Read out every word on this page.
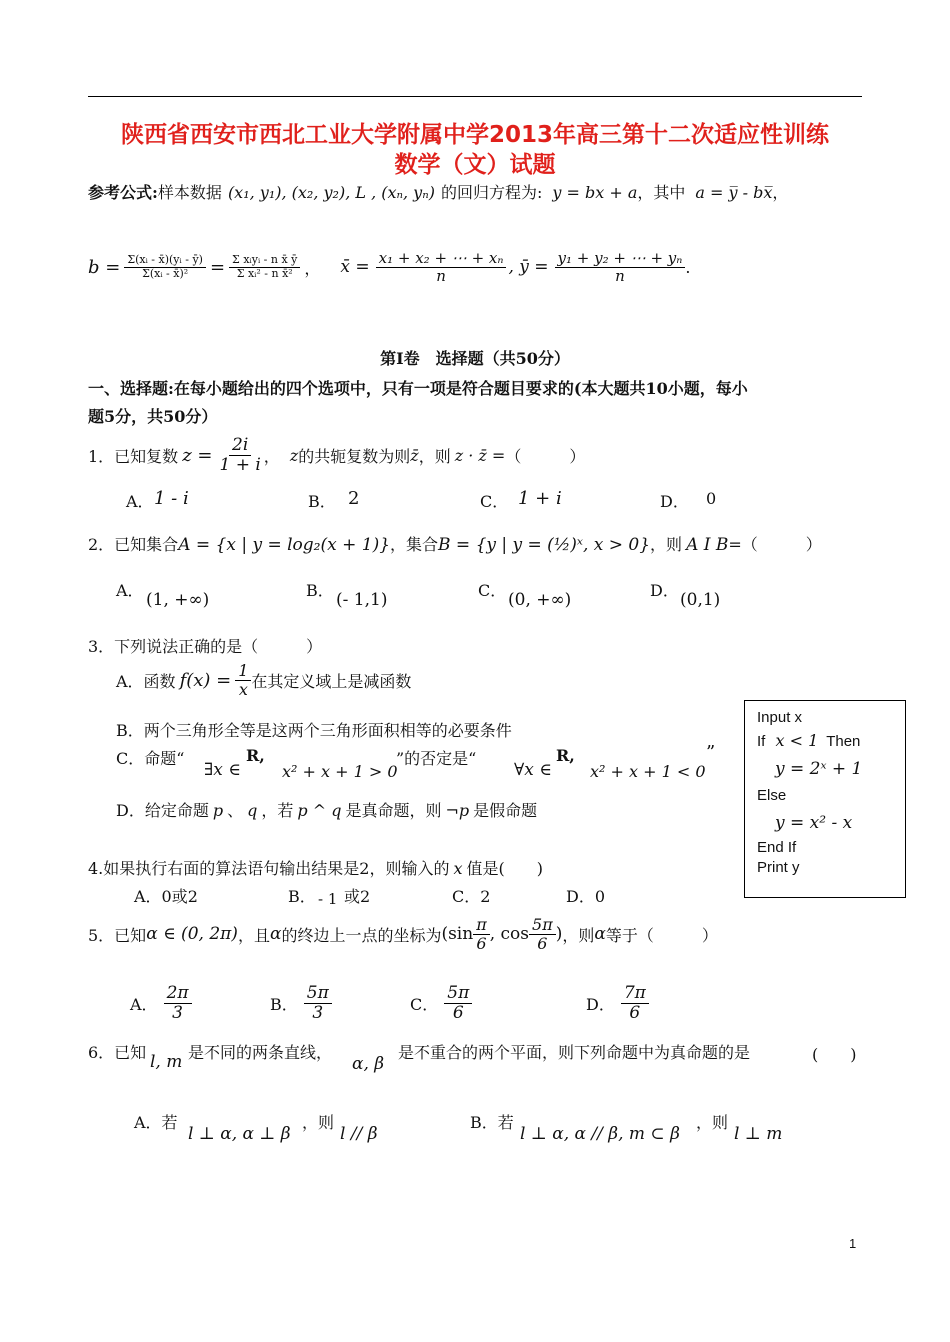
陕西省西安市西北工业大学附属中学2013年高三第十二次适应性训练
数学（文）试题
参考公式:样本数据 (x₁, y₁), (x₂, y₂), L , (xₙ, yₙ) 的回归方程为: y = bx + a，其中 a = y̅ - bx̅，
$b = \frac{\text{Σ(xᵢ - x̄)(yᵢ - ȳ)}}{\text{Σ(xᵢ - x̄)²}} = \frac{\text{Σ xᵢyᵢ - n x̄ ȳ}}{\text{Σ xᵢ² - n x̄²}}$ ， x̄ = $\frac{\text{x₁ + x₂ + ⋯ + xₙ}}{n}$ , ȳ = $\frac{\text{y₁ + y₂ + ⋯ + yₙ}}{n}$ .
第Ⅰ卷　选择题（共50分）
一、选择题:在每小题给出的四个选项中，只有一项是符合题目要求的(本大题共10小题，每小
题5分，共50分）
1．已知复数 $z = \frac{2i}{1 + i}$ ， z 的共轭复数为则 z̄ ，则 z · z̄ = （　　　）
A． 1 - i	B． 2	C． 1 + i	D． 0
2．已知集合A = {x | y = log₂(x + 1)}，集合B = {y | y = (½)ˣ, x > 0}，则 A I B=（　　　）
A． (1, +∞)	B． (- 1,1)	C． (0, +∞)	D． (0,1)
3．下列说法正确的是（　　　）
A．函数 $f(x) = \frac{1}{x}$ 在其定义域上是减函数
B．两个三角形全等是这两个三角形面积相等的必要条件
C．命题“
∃x ∈
R,
x² + x + 1 > 0
”的否定是“
∀x ∈
R,
x² + x + 1 < 0
”
D．给定命题 p 、 q ，若 p ^ q 是真命题，则 ¬p 是假命题
Input x
If x < 1 Then
y = 2ˣ + 1
Else
y = x² - x
End If
Print y
4.如果执行右面的算法语句输出结果是2，则输入的 x 值是(　　)
A．0或2	B． - 1 或2	C．2	D．0
5．已知 α ∈ (0, 2π) ，且 α 的终边上一点的坐标为 ($\sin \frac{\pi}{6}$ , $\cos \frac{5\pi}{6}$ ) ，则 α 等于（　　　）
A． $\frac{2\pi}{3}$	B． $\frac{5\pi}{3}$	C． $\frac{5\pi}{6}$	D． $\frac{7\pi}{6}$
6．已知 l, m 是不同的两条直线，
α, β
是不重合的两个平面，则下列命题中为真命题的是	(　　)
A．若
l ⊥ α, α ⊥ β
，则
l // β
B．若
l ⊥ α, α // β, m ⊂ β
，则
l ⊥ m
1
